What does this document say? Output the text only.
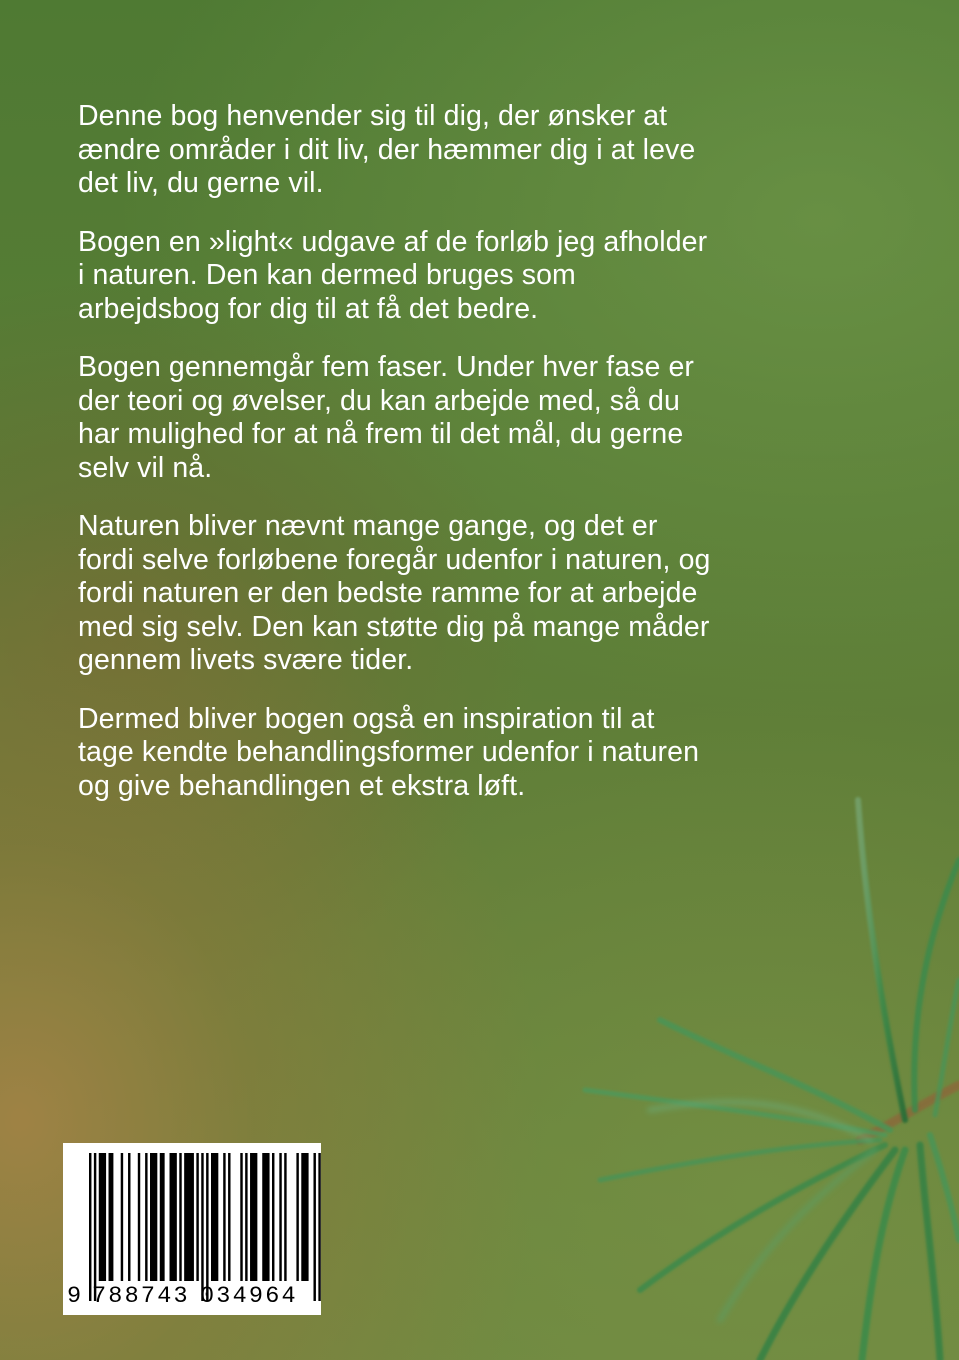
Denne bog henvender sig til dig, der ønsker at
ændre områder i dit liv, der hæmmer dig i at leve
det liv, du gerne vil.

Bogen en »light« udgave af de forløb jeg afholder
i naturen. Den kan dermed bruges som
arbejdsbog for dig til at få det bedre.

Bogen gennemgår fem faser. Under hver fase er
der teori og øvelser, du kan arbejde med, så du
har mulighed for at nå frem til det mål, du gerne
selv vil nå.

Naturen bliver nævnt mange gange, og det er
fordi selve forløbene foregår udenfor i naturen, og
fordi naturen er den bedste ramme for at arbejde
med sig selv. Den kan støtte dig på mange måder
gennem livets svære tider.

Dermed bliver bogen også en inspiration til at
tage kendte behandlingsformer udenfor i naturen
og give behandlingen et ekstra løft.

9 788743 034964
